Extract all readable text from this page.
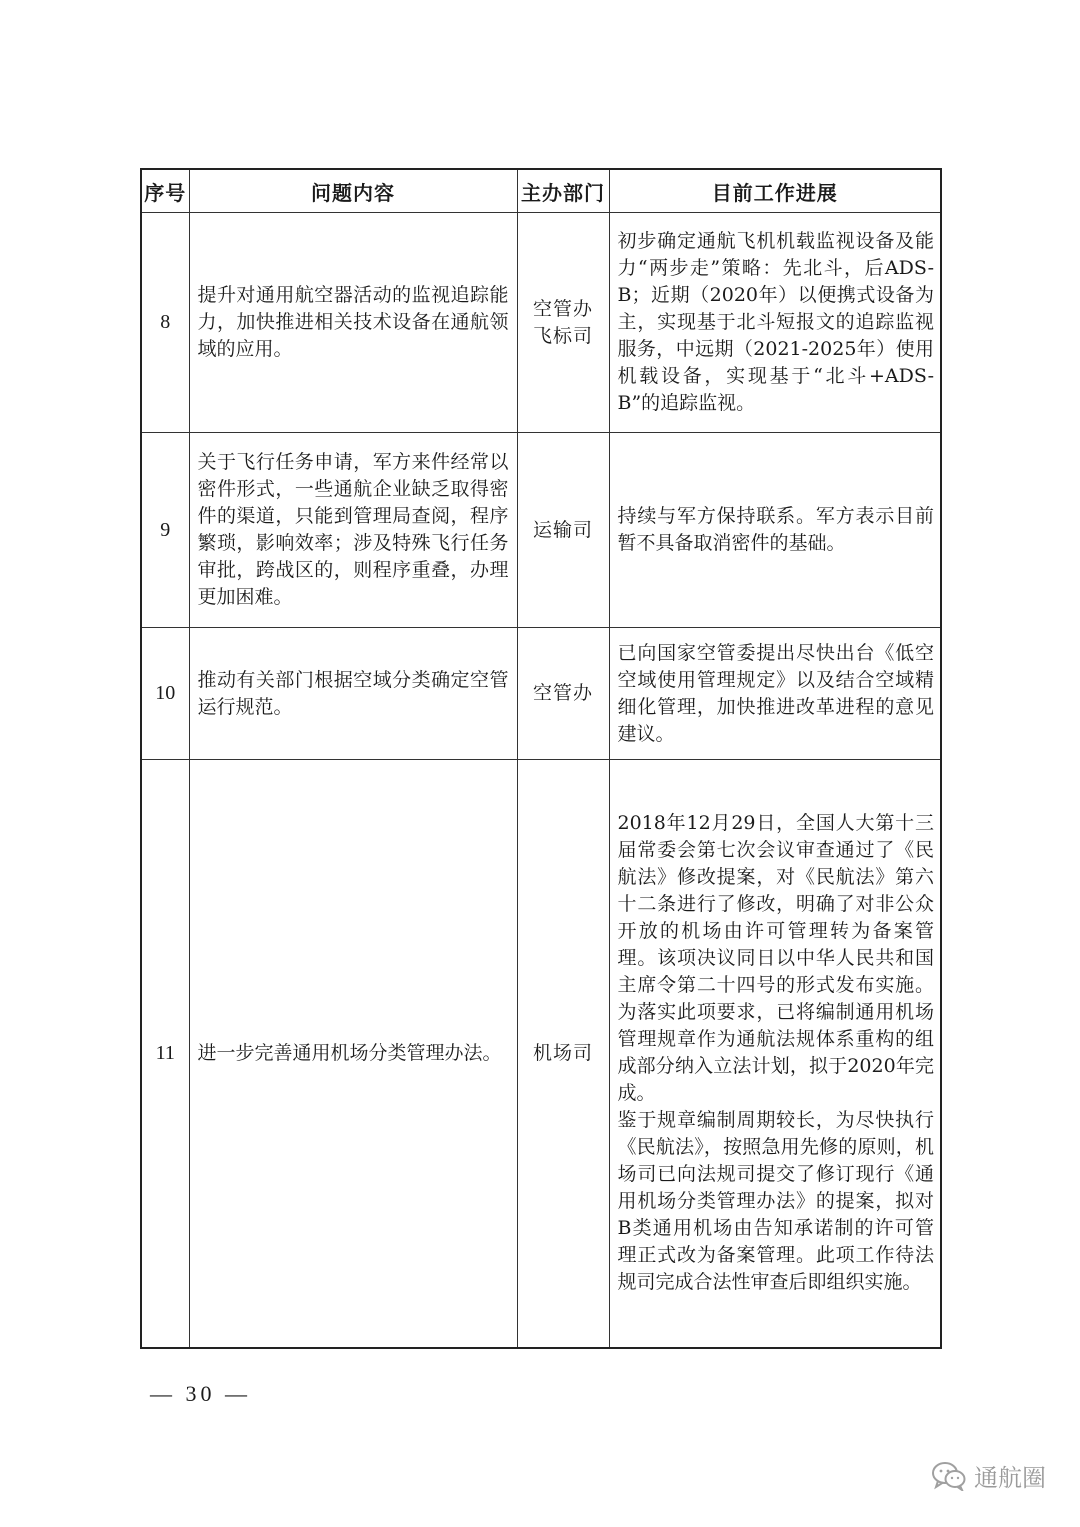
序号	问题内容	主办部门	目前工作进展
8	提升对通用航空器活动的监视追踪能力，加快推进相关技术设备在通航领域的应用。	空管办飞标司	初步确定通航飞机机载监视设备及能力“两步走”策略：先北斗，后ADS-B；近期（2020年）以便携式设备为主，实现基于北斗短报文的追踪监视服务，中远期（2021-2025年）使用机载设备，实现基于“北斗+ADS-B”的追踪监视。

9	关于飞行任务申请，军方来件经常以密件形式，一些通航企业缺乏取得密件的渠道，只能到管理局查阅，程序繁琐，影响效率；涉及特殊飞行任务审批，跨战区的，则程序重叠，办理更加困难。	运输司	持续与军方保持联系。军方表示目前暂不具备取消密件的基础。

10	推动有关部门根据空域分类确定空管运行规范。	空管办	已向国家空管委提出尽快出台《低空空域使用管理规定》以及结合空域精细化管理，加快推进改革进程的意见建议。

11	进一步完善通用机场分类管理办法。	机场司	2018年12月29日，全国人大第十三届常委会第七次会议审查通过了《民航法》修改提案，对《民航法》第六十二条进行了修改，明确了对非公众开放的机场由许可管理转为备案管理。该项决议同日以中华人民共和国主席令第二十四号的形式发布实施。为落实此项要求，已将编制通用机场管理规章作为通航法规体系重构的组成部分纳入立法计划，拟于2020年完成。
鉴于规章编制周期较长，为尽快执行《民航法》，按照急用先修的原则，机场司已向法规司提交了修订现行《通用机场分类管理办法》的提案，拟对B类通用机场由告知承诺制的许可管理正式改为备案管理。此项工作待法规司完成合法性审查后即组织实施。
— 30 —
通航圈
